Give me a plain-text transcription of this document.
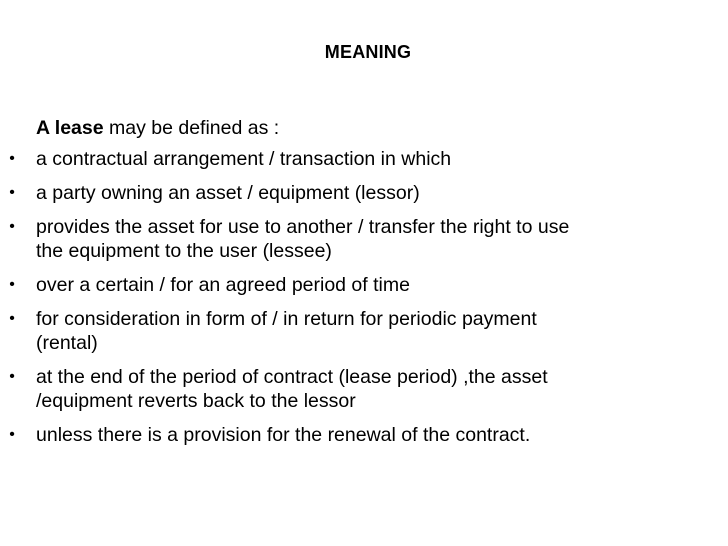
MEANING
A lease may be defined as :
• a contractual arrangement / transaction in which
• a party owning an asset / equipment (lessor)
• provides the asset for use to another / transfer the right to use
the equipment to the user (lessee)
• over a certain / for an agreed period of time
• for consideration in form of / in return for periodic payment
(rental)
• at the end of the period of contract (lease period) ,the asset
/equipment reverts back to the lessor
• unless there is a provision for the renewal of the contract.
